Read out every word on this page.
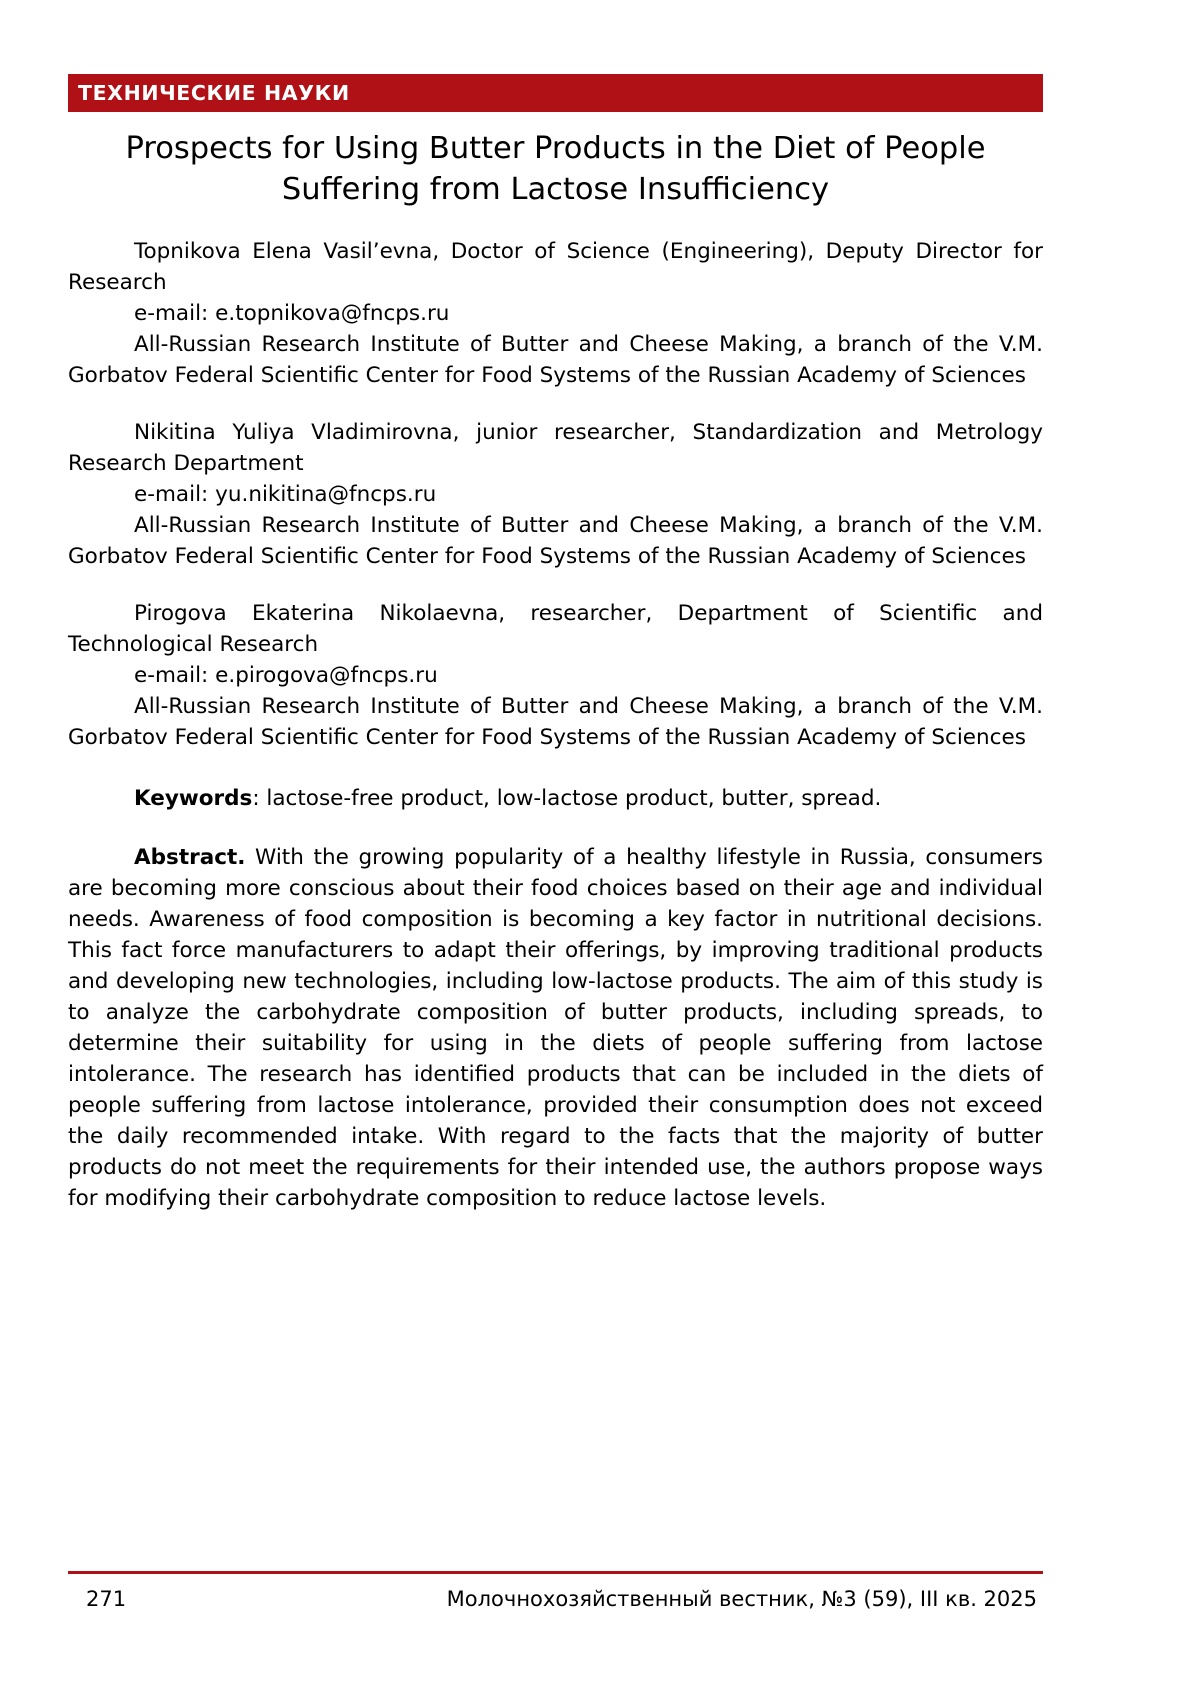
ТЕХНИЧЕСКИЕ НАУКИ
Prospects for Using Butter Products in the Diet of People Suffering from Lactose Insufficiency

Topnikova Elena Vasil’evna, Doctor of Science (Engineering), Deputy Director for Research

e-mail: e.topnikova@fncps.ru

All-Russian Research Institute of Butter and Cheese Making, a branch of the V.M. Gorbatov Federal Scientific Center for Food Systems of the Russian Academy of Sciences

Nikitina Yuliya Vladimirovna, junior researcher, Standardization and Metrology Research Department

e-mail: yu.nikitina@fncps.ru

All-Russian Research Institute of Butter and Cheese Making, a branch of the V.M. Gorbatov Federal Scientific Center for Food Systems of the Russian Academy of Sciences

Pirogova Ekaterina Nikolaevna, researcher, Department of Scientific and Technological Research

e-mail: e.pirogova@fncps.ru

All-Russian Research Institute of Butter and Cheese Making, a branch of the V.M. Gorbatov Federal Scientific Center for Food Systems of the Russian Academy of Sciences

Keywords: lactose-free product, low-lactose product, butter, spread.

Abstract. With the growing popularity of a healthy lifestyle in Russia, consumers are becoming more conscious about their food choices based on their age and individual needs. Awareness of food composition is becoming a key factor in nutritional decisions. This fact force manufacturers to adapt their offerings, by improving traditional products and developing new technologies, including low-lactose products. The aim of this study is to analyze the carbohydrate composition of butter products, including spreads, to determine their suitability for using in the diets of people suffering from lactose intolerance. The research has identified products that can be included in the diets of people suffering from lactose intolerance, provided their consumption does not exceed the daily recommended intake. With regard to the facts that the majority of butter products do not meet the requirements for their intended use, the authors propose ways for modifying their carbohydrate composition to reduce lactose levels.

271	Молочнохозяйственный вестник, №3 (59), III кв. 2025
